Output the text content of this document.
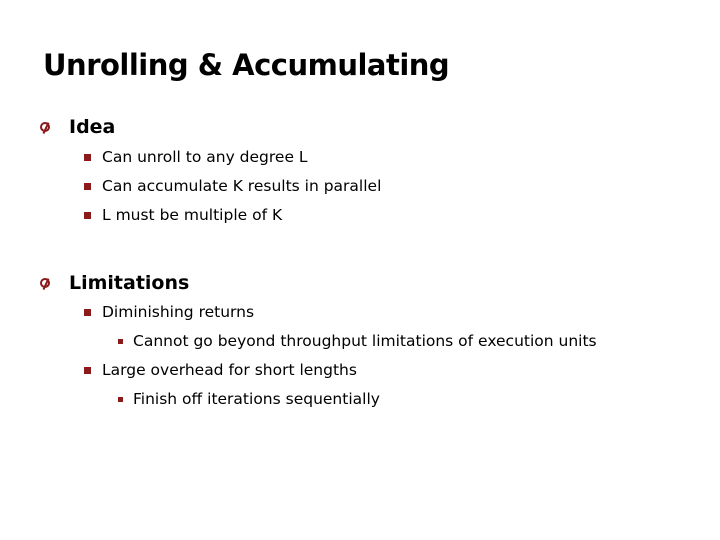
Unrolling & Accumulating
Idea
Can unroll to any degree L
Can accumulate K results in parallel
L must be multiple of K
Limitations
Diminishing returns
Cannot go beyond throughput limitations of execution units
Large overhead for short lengths
Finish off iterations sequentially
